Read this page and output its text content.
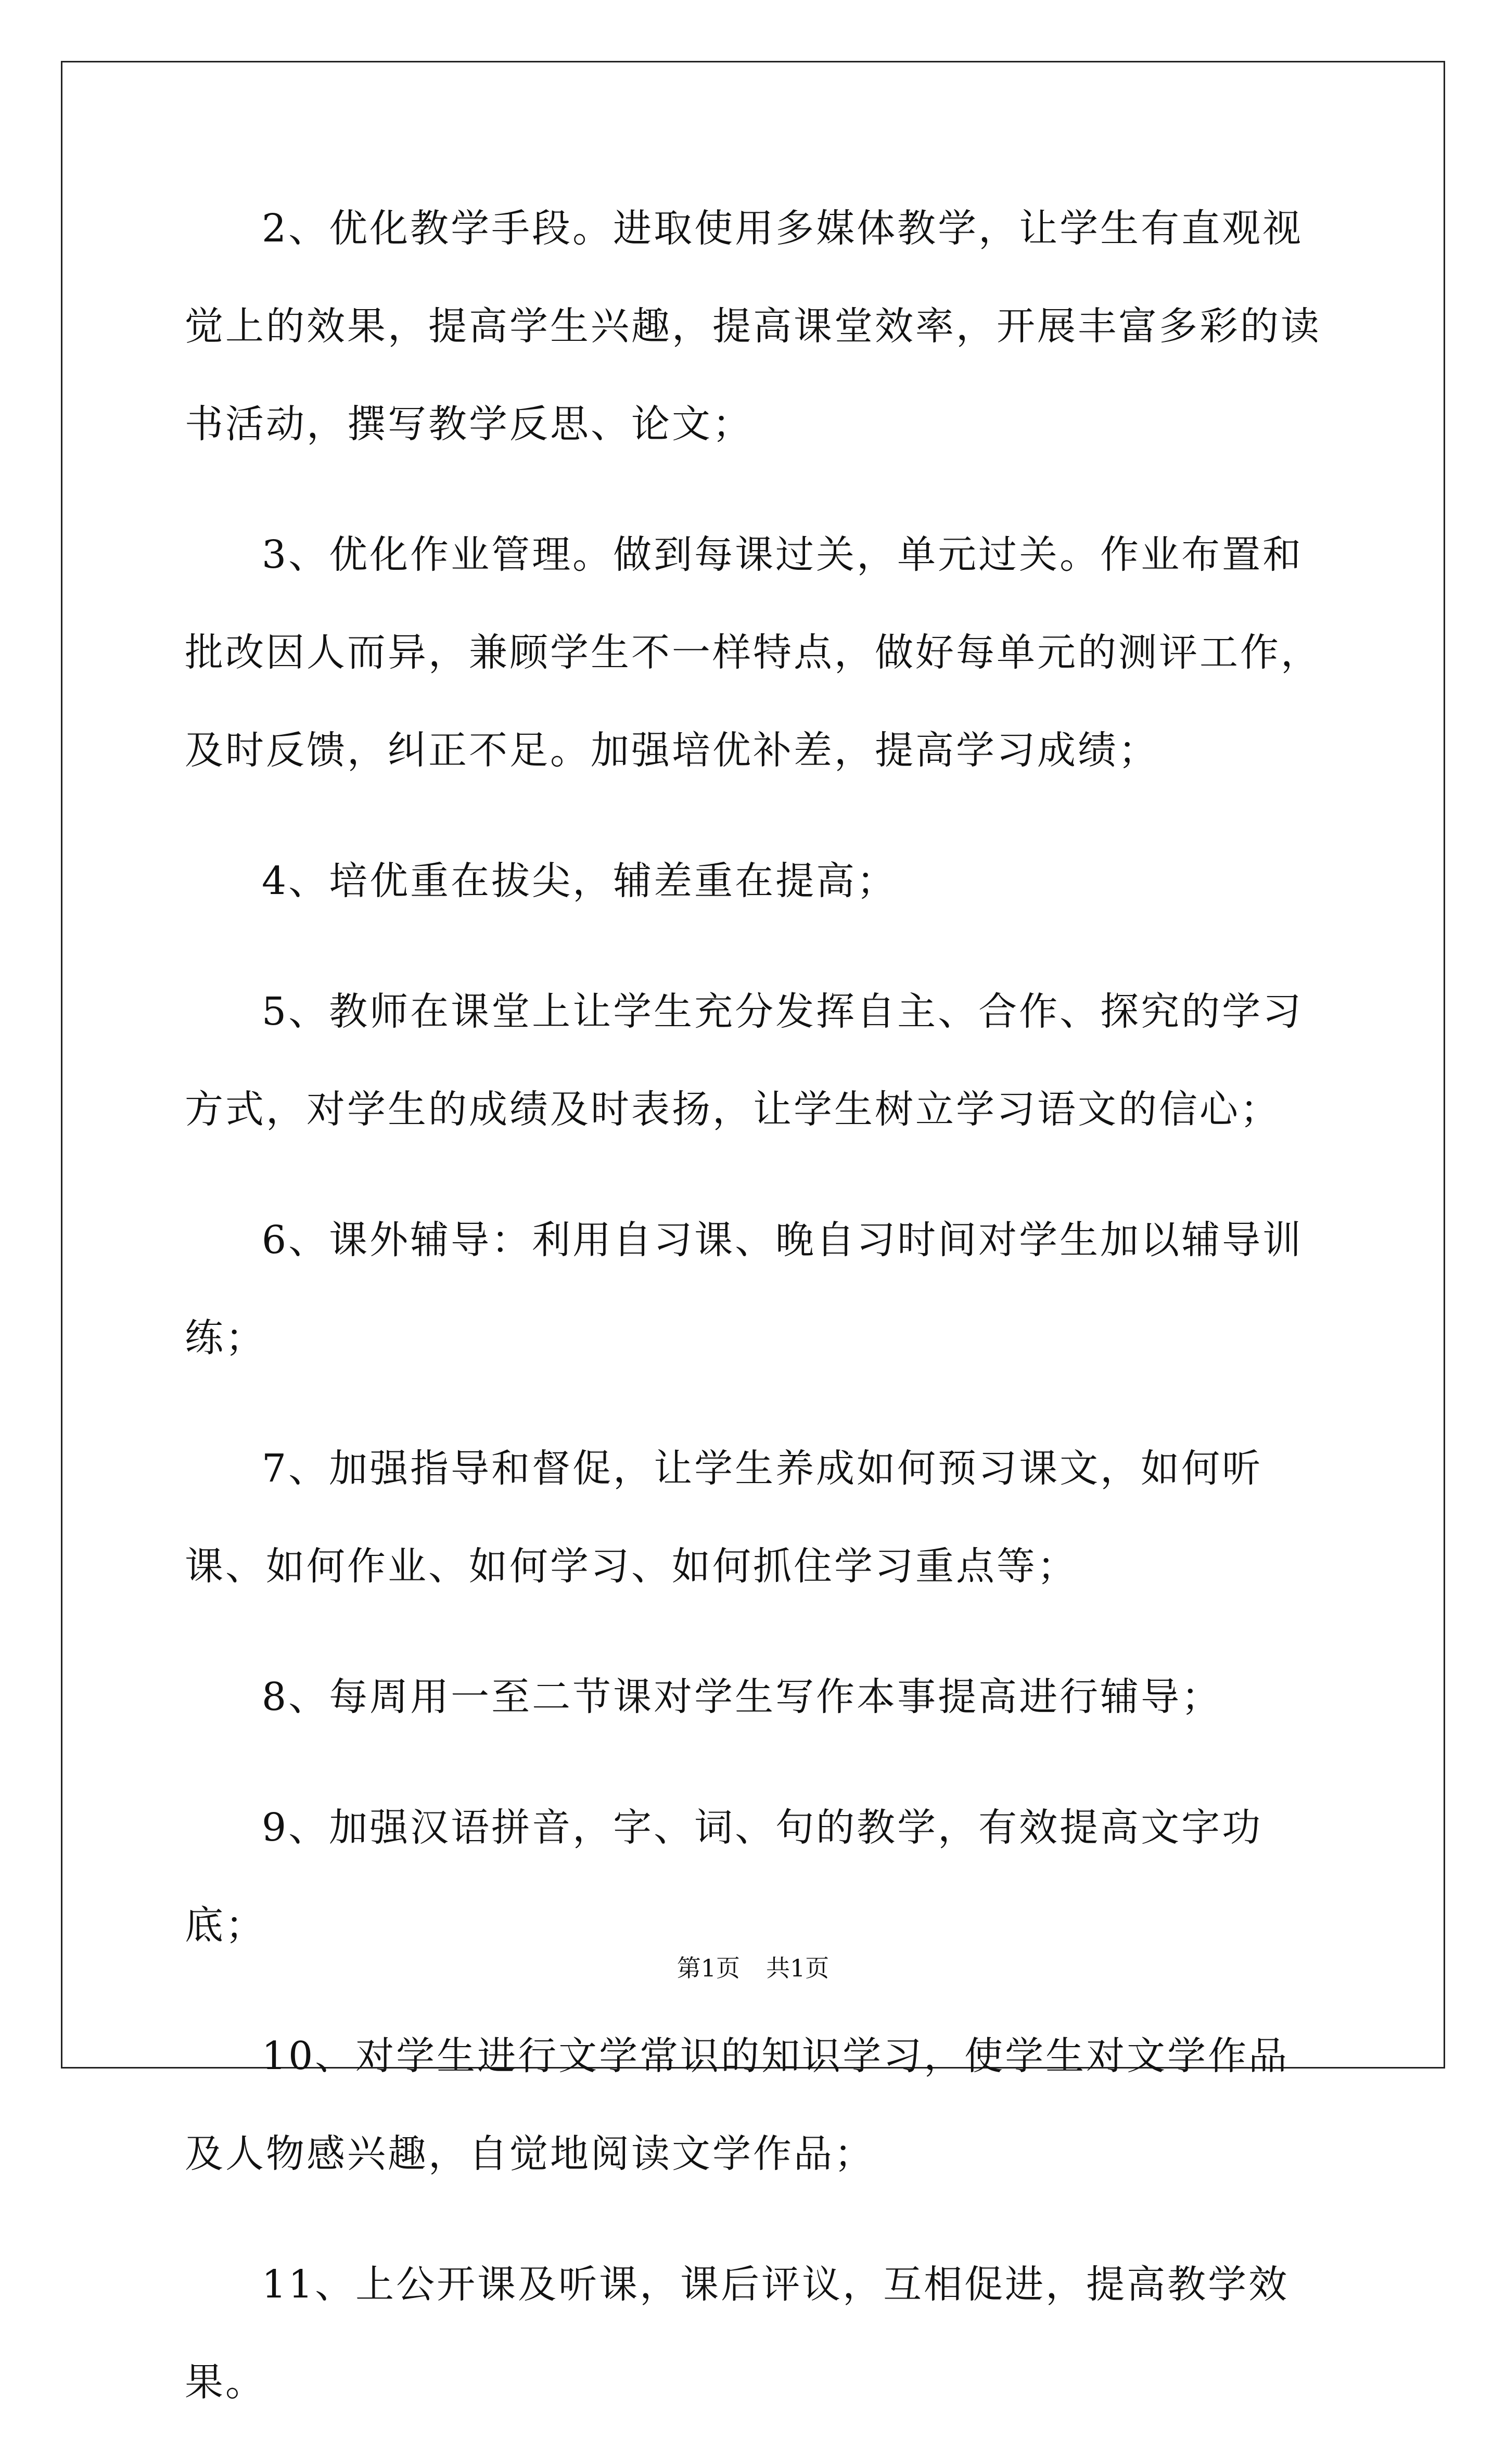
2、优化教学手段。进取使用多媒体教学，让学生有直观视觉上的效果，提高学生兴趣，提高课堂效率，开展丰富多彩的读书活动，撰写教学反思、论文；
3、优化作业管理。做到每课过关，单元过关。作业布置和批改因人而异，兼顾学生不一样特点，做好每单元的测评工作，及时反馈，纠正不足。加强培优补差，提高学习成绩；
4、培优重在拔尖，辅差重在提高；
5、教师在课堂上让学生充分发挥自主、合作、探究的学习方式，对学生的成绩及时表扬，让学生树立学习语文的信心；
6、课外辅导：利用自习课、晚自习时间对学生加以辅导训练；
7、加强指导和督促，让学生养成如何预习课文，如何听课、如何作业、如何学习、如何抓住学习重点等；
8、每周用一至二节课对学生写作本事提高进行辅导；
9、加强汉语拼音，字、词、句的教学，有效提高文字功底；
10、对学生进行文学常识的知识学习，使学生对文学作品及人物感兴趣，自觉地阅读文学作品；
11、上公开课及听课，课后评议，互相促进，提高教学效果。
第1页 共1页
